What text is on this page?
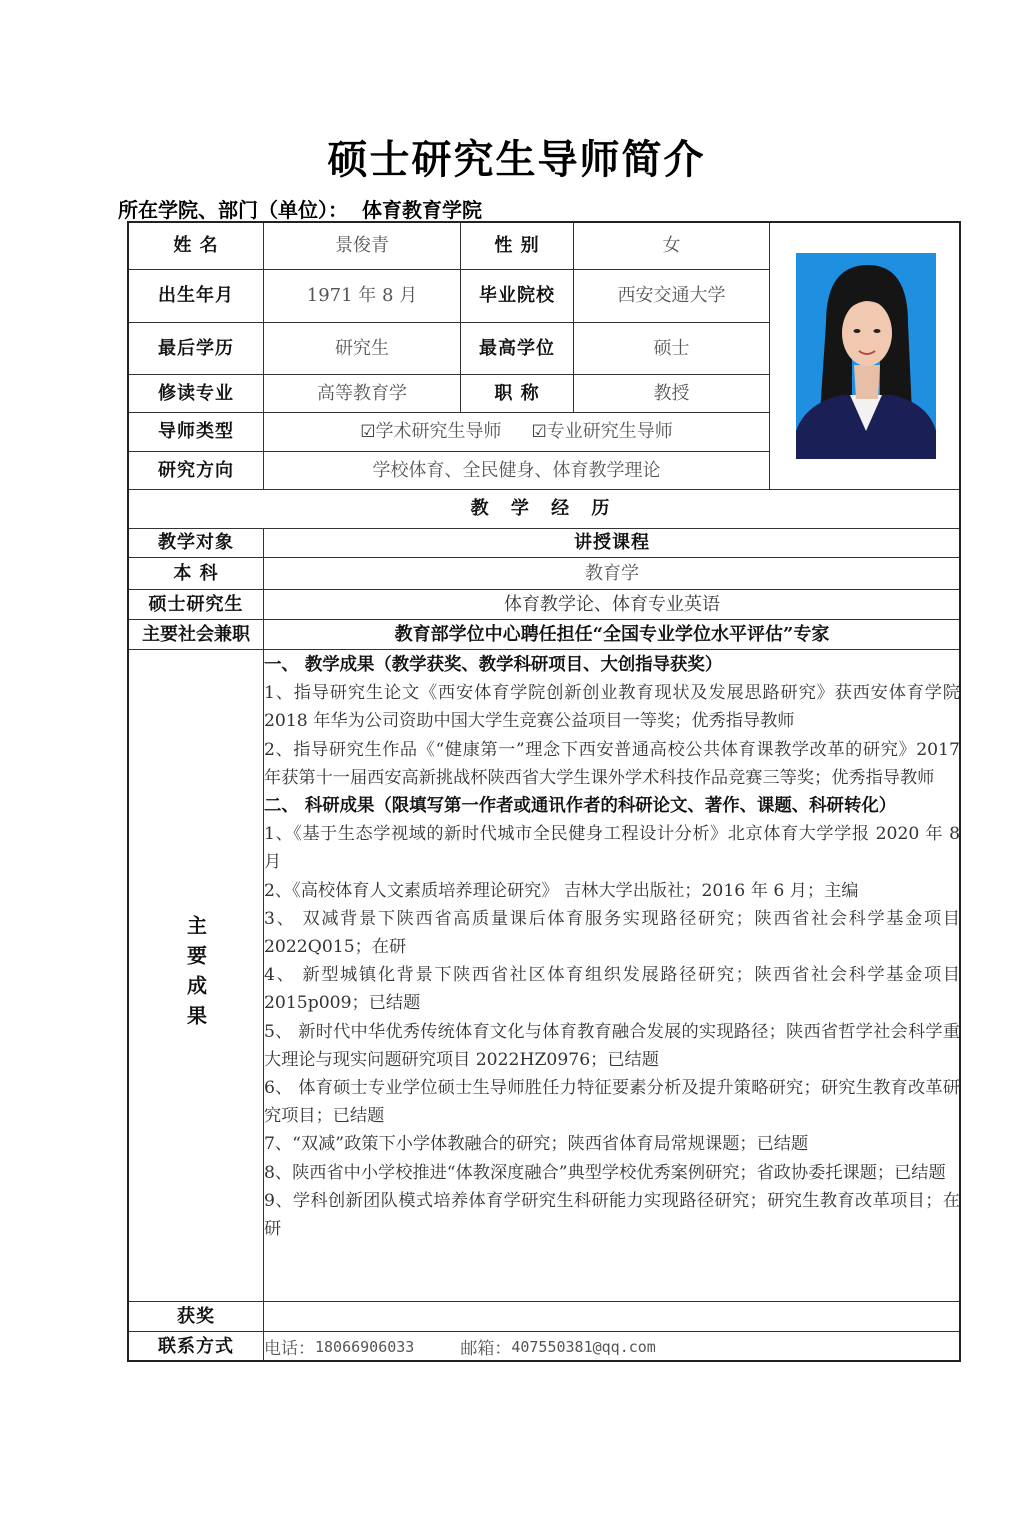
硕士研究生导师简介
所在学院、部门（单位）： 体育教育学院
姓 名	景俊青	性 别	女
出生年月	1971 年 8 月	毕业院校	西安交通大学
最后学历	研究生	最高学位	硕士
修读专业	高等教育学	职 称	教授
导师类型	☑ 学术研究生导师 ☑ 专业研究生导师
研究方向	学校体育、全民健身、体育教学理论
教 学 经 历
教学对象	讲授课程
本 科	教育学
硕士研究生	体育教学论、体育专业英语
主要社会兼职	教育部学位中心聘任担任“全国专业学位水平评估”专家
主要成果

一、 教学成果（教学获奖、教学科研项目、大创指导获奖）

1、指导研究生论文《西安体育学院创新创业教育现状及发展思路研究》获西安体育学院 2018 年华为公司资助中国大学生竞赛公益项目一等奖；优秀指导教师

2、指导研究生作品《“健康第一”理念下西安普通高校公共体育课教学改革的研究》2017 年获第十一届西安高新挑战杯陕西省大学生课外学术科技作品竞赛三等奖；优秀指导教师

二、 科研成果（限填写第一作者或通讯作者的科研论文、著作、课题、科研转化）

1、《基于生态学视域的新时代城市全民健身工程设计分析》北京体育大学学报 2020 年 8 月

2、《高校体育人文素质培养理论研究》 吉林大学出版社；2016 年 6 月；主编

3、 双减背景下陕西省高质量课后体育服务实现路径研究；陕西省社会科学基金项目 2022Q015；在研

4、 新型城镇化背景下陕西省社区体育组织发展路径研究；陕西省社会科学基金项目 2015p009；已结题

5、 新时代中华优秀传统体育文化与体育教育融合发展的实现路径；陕西省哲学社会科学重大理论与现实问题研究项目 2022HZ0976；已结题

6、 体育硕士专业学位硕士生导师胜任力特征要素分析及提升策略研究；研究生教育改革研究项目；已结题

7、“双减”政策下小学体教融合的研究；陕西省体育局常规课题；已结题

8、陕西省中小学校推进“体教深度融合”典型学校优秀案例研究；省政协委托课题；已结题

9、学科创新团队模式培养体育学研究生科研能力实现路径研究；研究生教育改革项目；在研

获奖
联系方式	电话： 18066906033	邮箱： 407550381@qq.com
